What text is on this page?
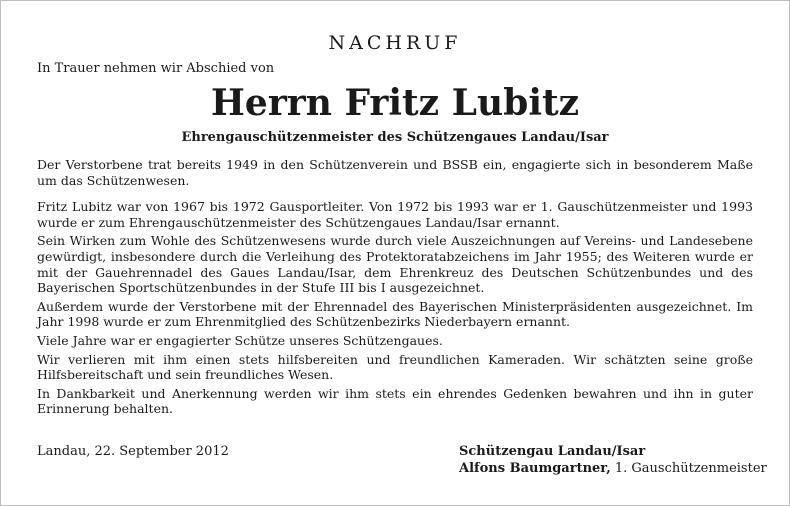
NACHRUF
In Trauer nehmen wir Abschied von
Herrn Fritz Lubitz
Ehrengauschützenmeister des Schützengaues Landau/Isar

Der Verstorbene trat bereits 1949 in den Schützenverein und BSSB ein, engagierte sich in besonderem Maße um das Schützenwesen.

Fritz Lubitz war von 1967 bis 1972 Gausportleiter. Von 1972 bis 1993 war er 1. Gauschützenmeister und 1993 wurde er zum Ehrengauschützenmeister des Schützengaues Landau/Isar ernannt.

Sein Wirken zum Wohle des Schützenwesens wurde durch viele Auszeichnungen auf Vereins- und Landesebene gewürdigt, insbesondere durch die Verleihung des Protektoratabzeichens im Jahr 1955; des Weiteren wurde er mit der Gauehrennadel des Gaues Landau/Isar, dem Ehrenkreuz des Deutschen Schützenbundes und des Bayerischen Sportschützenbundes in der Stufe III bis I ausgezeichnet.

Außerdem wurde der Verstorbene mit der Ehrennadel des Bayerischen Ministerpräsidenten ausgezeichnet. Im Jahr 1998 wurde er zum Ehrenmitglied des Schützenbezirks Niederbayern ernannt.

Viele Jahre war er engagierter Schütze unseres Schützengaues.

Wir verlieren mit ihm einen stets hilfsbereiten und freundlichen Kameraden. Wir schätzten seine große Hilfsbereitschaft und sein freundliches Wesen.

In Dankbarkeit und Anerkennung werden wir ihm stets ein ehrendes Gedenken bewahren und ihn in guter Erinnerung behalten.

Landau, 22. September 2012	Schützengau Landau/Isar
Alfons Baumgartner, 1. Gauschützenmeister
